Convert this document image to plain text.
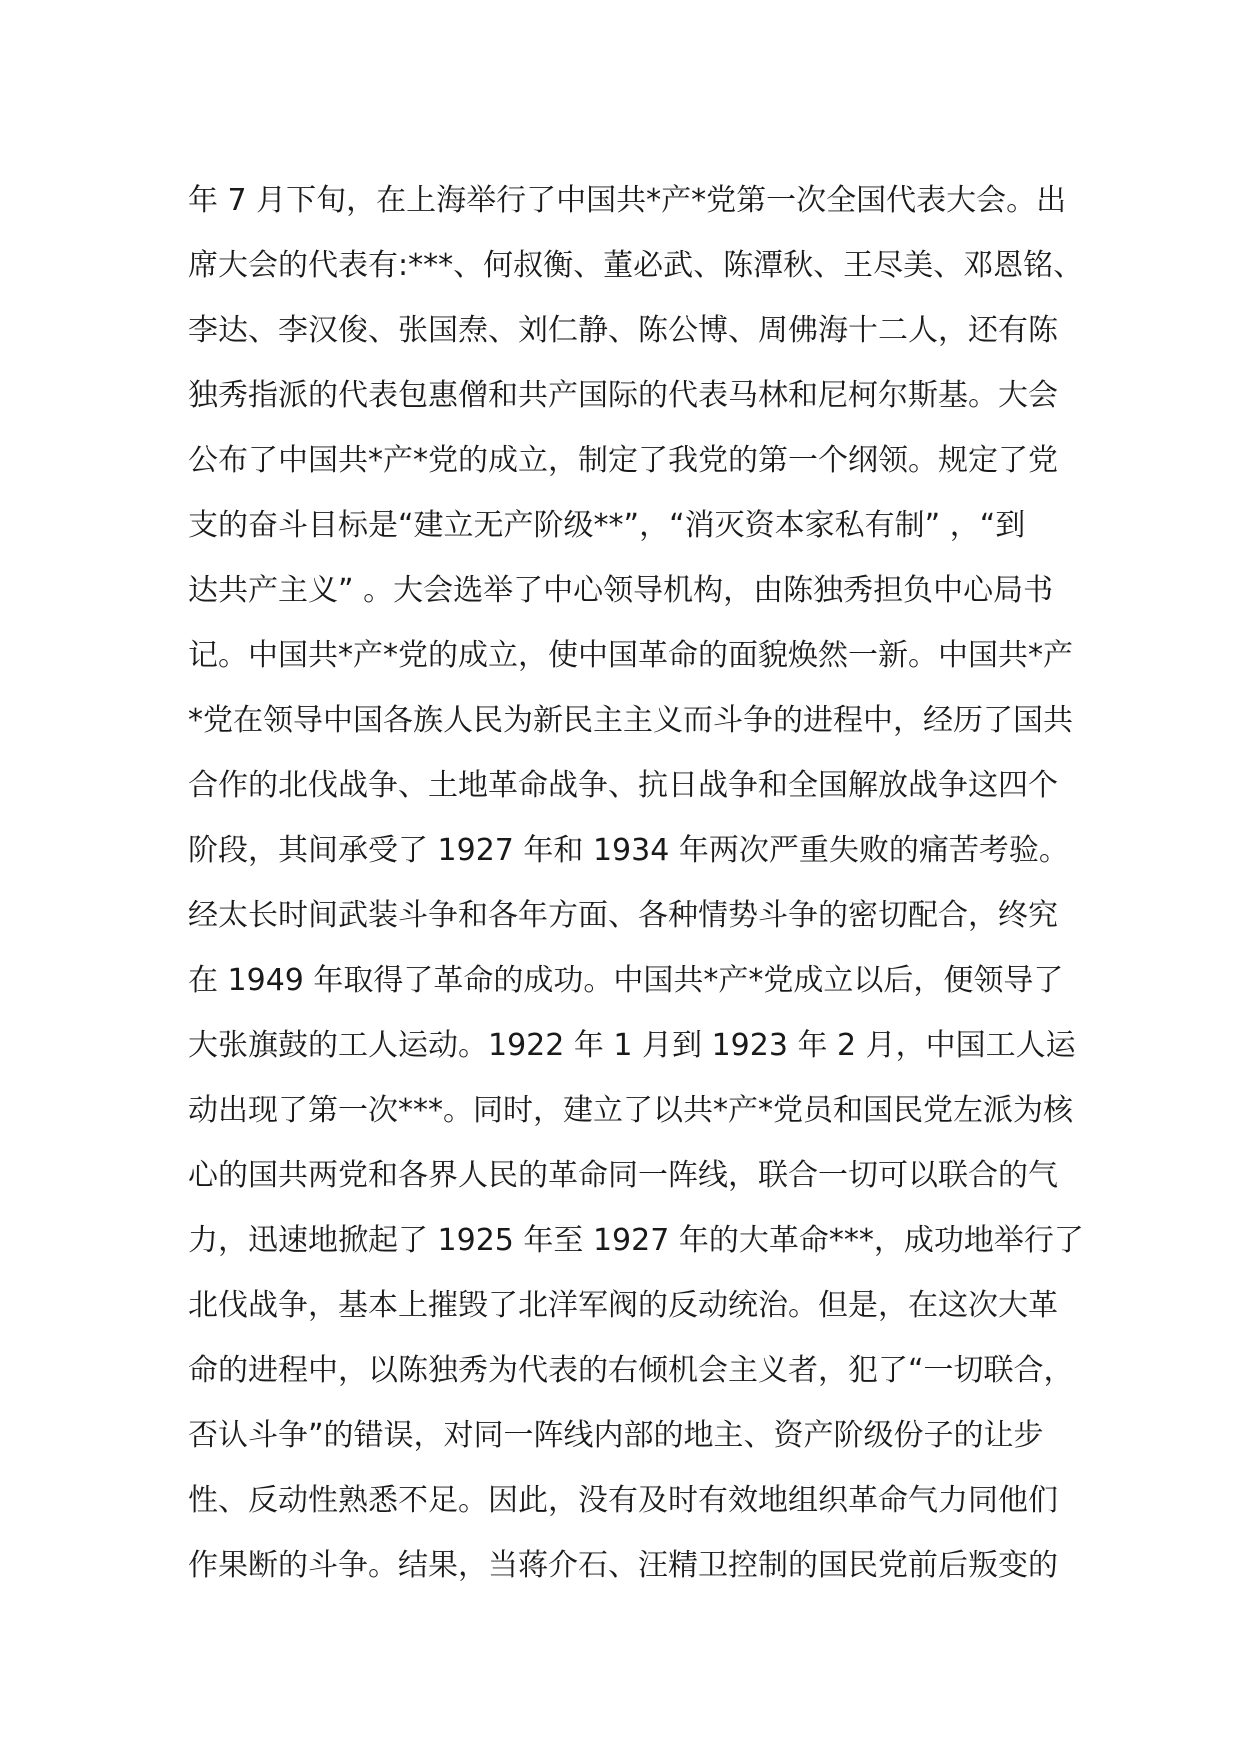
年 7 月下旬，在上海举行了中国共*产*党第一次全国代表大会。出
席大会的代表有:***、何叔衡、董必武、陈潭秋、王尽美、邓恩铭、
李达、李汉俊、张国焘、刘仁静、陈公博、周佛海十二人，还有陈
独秀指派的代表包惠僧和共产国际的代表马林和尼柯尔斯基。大会
公布了中国共*产*党的成立，制定了我党的第一个纲领。规定了党
支的奋斗目标是“建立无产阶级**”，“消灭资本家私有制” ，“到
达共产主义” 。大会选举了中心领导机构，由陈独秀担负中心局书
记。中国共*产*党的成立，使中国革命的面貌焕然一新。中国共*产
*党在领导中国各族人民为新民主主义而斗争的进程中，经历了国共
合作的北伐战争、土地革命战争、抗日战争和全国解放战争这四个
阶段，其间承受了 1927 年和 1934 年两次严重失败的痛苦考验。
经太长时间武装斗争和各年方面、各种情势斗争的密切配合，终究
在 1949 年取得了革命的成功。中国共*产*党成立以后，便领导了
大张旗鼓的工人运动。1922 年 1 月到 1923 年 2 月，中国工人运
动出现了第一次***。同时，建立了以共*产*党员和国民党左派为核
心的国共两党和各界人民的革命同一阵线，联合一切可以联合的气
力，迅速地掀起了 1925 年至 1927 年的大革命***，成功地举行了
北伐战争，基本上摧毁了北洋军阀的反动统治。但是，在这次大革
命的进程中，以陈独秀为代表的右倾机会主义者，犯了“一切联合，
否认斗争”的错误，对同一阵线内部的地主、资产阶级份子的让步
性、反动性熟悉不足。因此，没有及时有效地组织革命气力同他们
作果断的斗争。结果，当蒋介石、汪精卫控制的国民党前后叛变的
